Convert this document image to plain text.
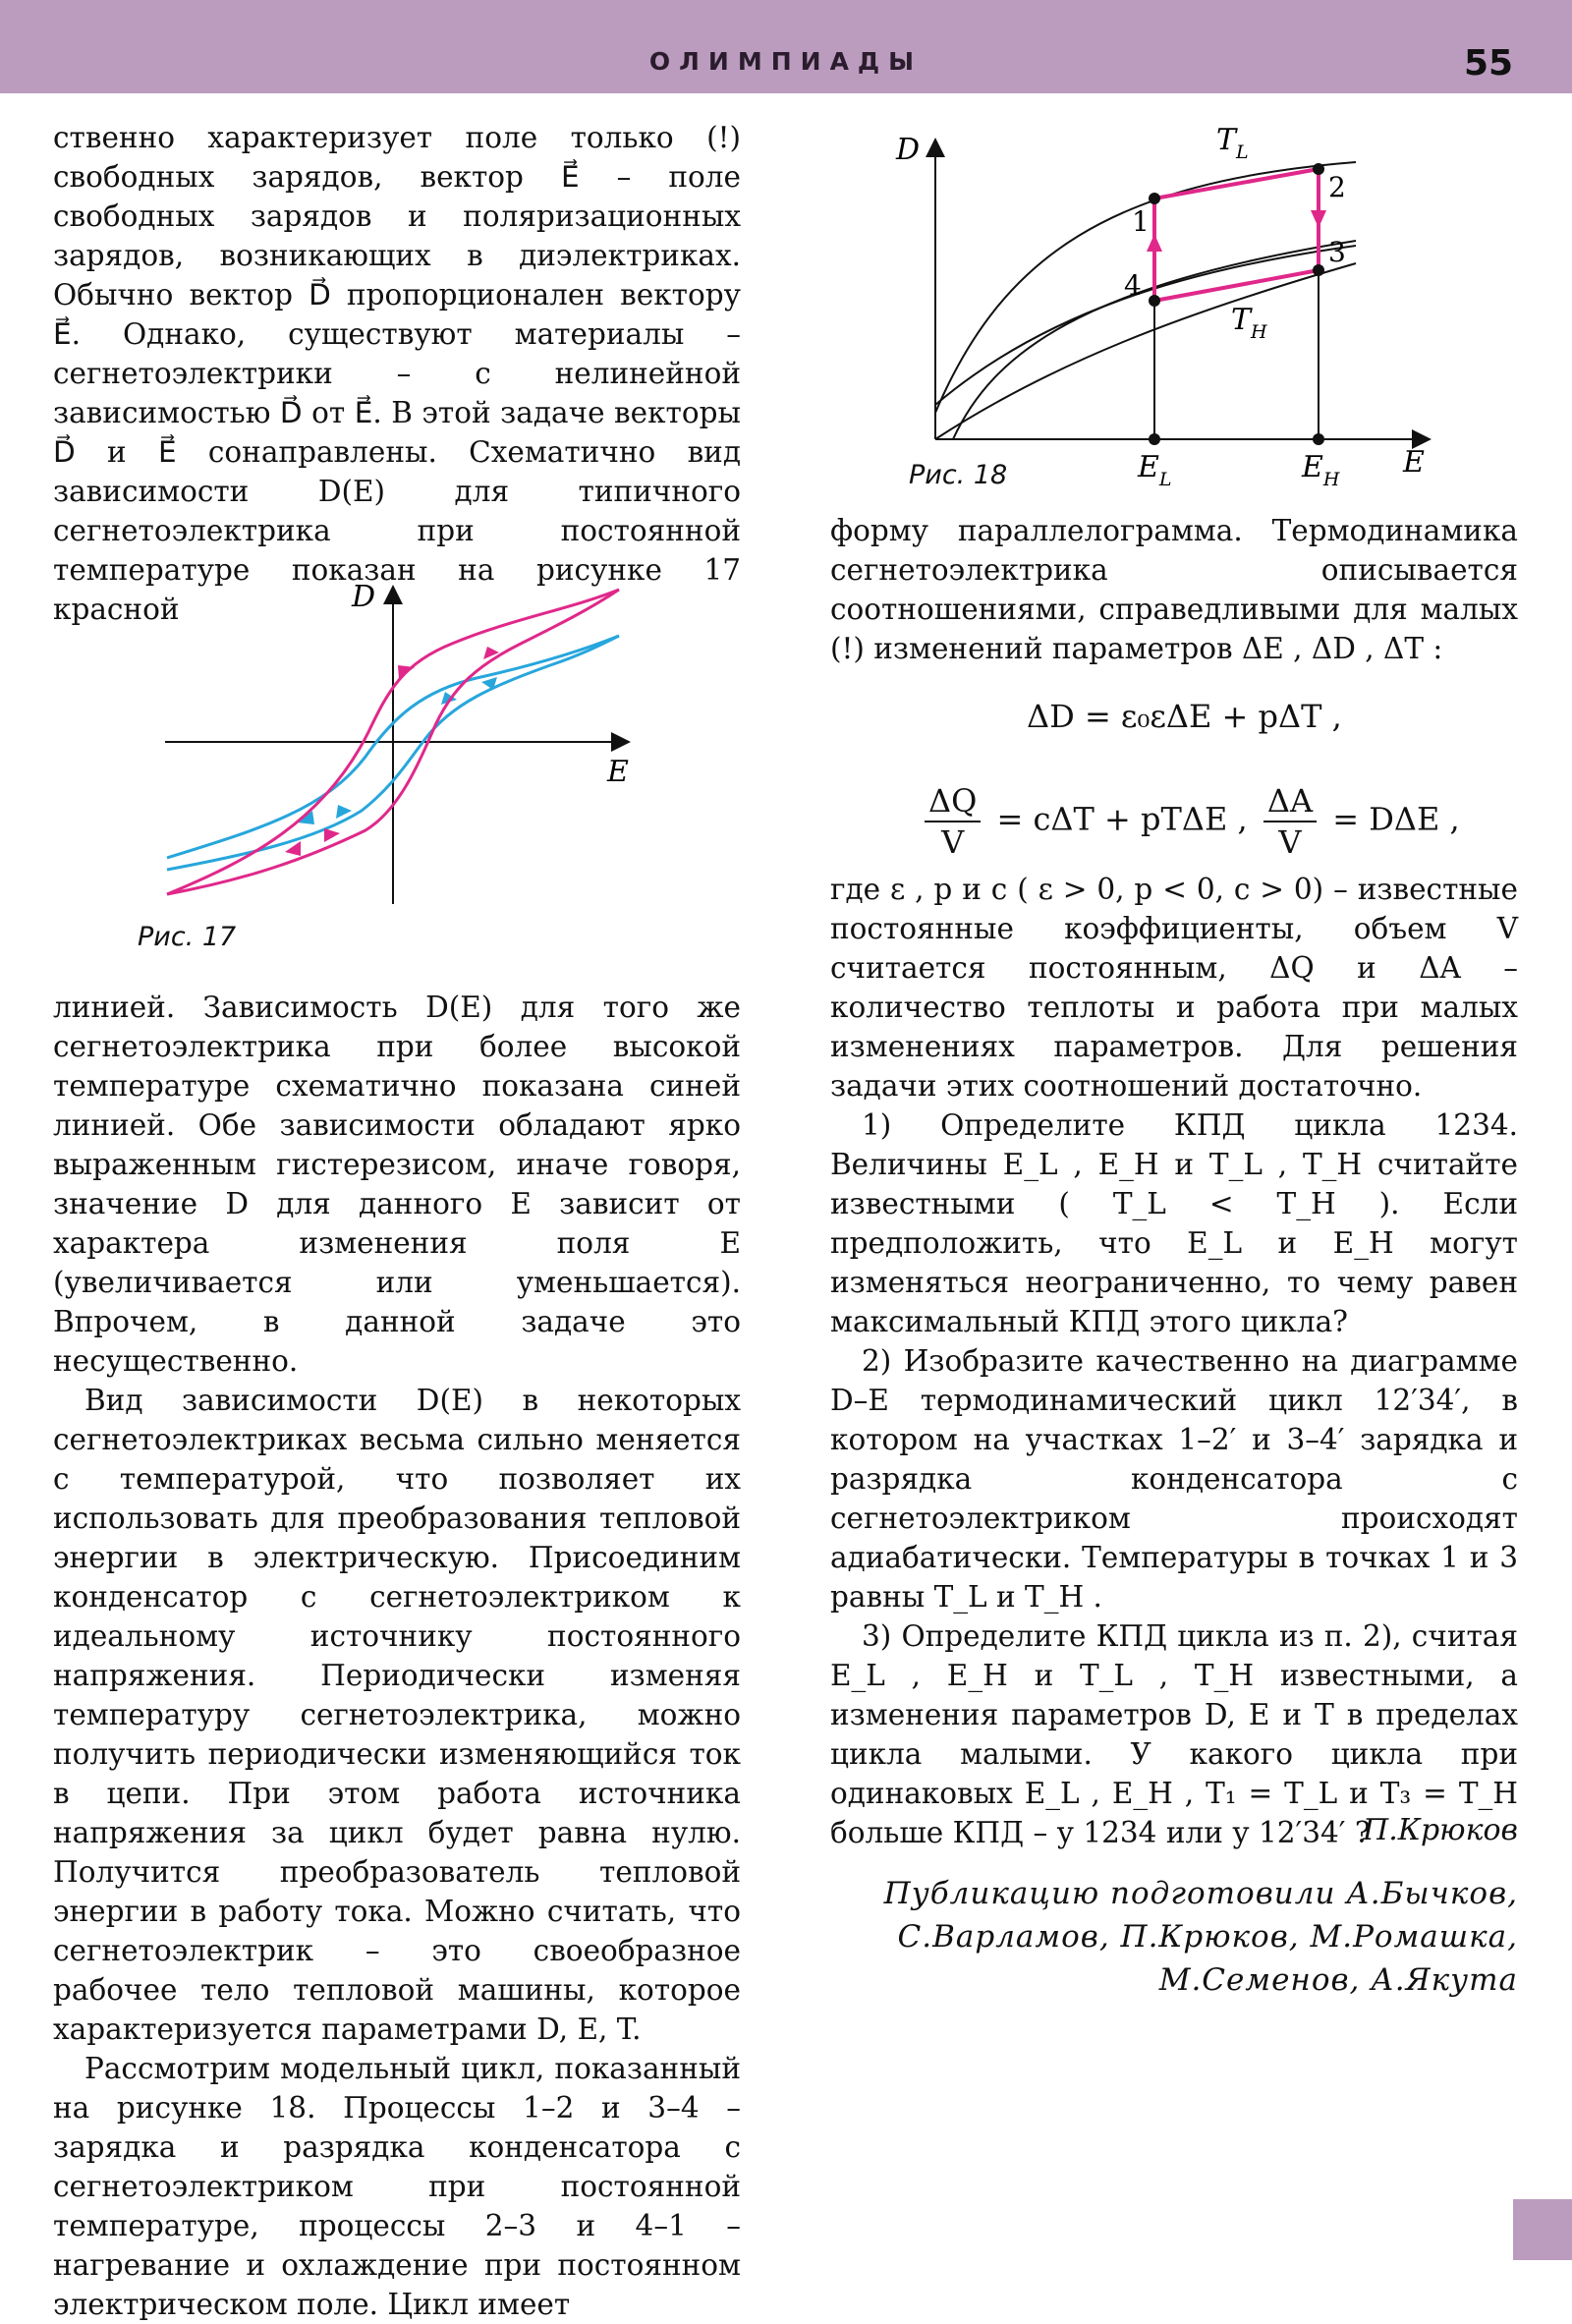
ОЛИМПИАДЫ	55

ственно характеризует поле только (!) свободных зарядов, вектор E⃗ – поле свободных зарядов и поляризационных зарядов, возникающих в диэлектриках. Обычно вектор D⃗ пропорционален вектору E⃗. Однако, существуют материалы – сегнетоэлектрики – с нелинейной зависимостью D⃗ от E⃗. В этой задаче векторы D⃗ и E⃗ сонаправлены. Схематично вид зависимости D(E) для типичного сегнетоэлектрика при постоянной температуре показан на рисунке 17 красной	D
E
Рис. 17

линией. Зависимость D(E) для того же сегнетоэлектрика при более высокой температуре схематично показана синей линией. Обе зависимости обладают ярко выраженным гистерезисом, иначе говоря, значение D для данного E зависит от характера изменения поля E (увеличивается или уменьшается). Впрочем, в данной задаче это несущественно.

Вид зависимости D(E) в некоторых сегнетоэлектриках весьма сильно меняется с температурой, что позволяет их использовать для преобразования тепловой энергии в электрическую. Присоединим конденсатор с сегнетоэлектриком к идеальному источнику постоянного напряжения. Периодически изменяя температуру сегнетоэлектрика, можно получить периодически изменяющийся ток в цепи. При этом работа источника напряжения за цикл будет равна нулю. Получится преобразователь тепловой энергии в работу тока. Можно считать, что сегнетоэлектрик – это своеобразное рабочее тело тепловой машины, которое характеризуется параметрами D, E, T.

Рассмотрим модельный цикл, показанный на рисунке 18. Процессы 1–2 и 3–4 – зарядка и разрядка конденсатора с сегнетоэлектриком при постоянной температуре, процессы 2–3 и 4–1 – нагревание и охлаждение при постоянном электрическом поле. Цикл имеет

D
E
1
2
3
4
$T_L$
$T_H$
$E_L$	$E_H$
Рис. 18

форму параллелограмма. Термодинамика сегнетоэлектрика описывается соотношениями, справедливыми для малых (!) изменений параметров ΔE , ΔD , ΔT :

ΔD = ε₀εΔE + pΔT ,
$\frac{\Delta Q}{V} = c\Delta T + pT\Delta E$ , $\frac{\Delta A}{V} = D\Delta E$ ,

где ε , p и c ( ε > 0, p < 0, c > 0) – известные постоянные коэффициенты, объем V считается постоянным, ΔQ и ΔA – количество теплоты и работа при малых изменениях параметров. Для решения задачи этих соотношений достаточно.

1) Определите КПД цикла 1234. Величины E_L , E_H и T_L , T_H считайте известными ( T_L < T_H ). Если предположить, что E_L и E_H могут изменяться неограниченно, то чему равен максимальный КПД этого цикла?

2) Изобразите качественно на диаграмме D–E термодинамический цикл 12′34′, в котором на участках 1–2′ и 3–4′ зарядка и разрядка конденсатора с сегнетоэлектриком происходят адиабатически. Температуры в точках 1 и 3 равны T_L и T_H .

3) Определите КПД цикла из п. 2), считая E_L , E_H и T_L , T_H известными, а изменения параметров D, E и T в пределах цикла малыми. У какого цикла при одинаковых E_L , E_H , T₁ = T_L и T₃ = T_H больше КПД – у 1234 или у 12′34′ ?

П.Крюков
Публикацию подготовили А.Бычков,
С.Варламов, П.Крюков, М.Ромашка,
М.Семенов, А.Якута
